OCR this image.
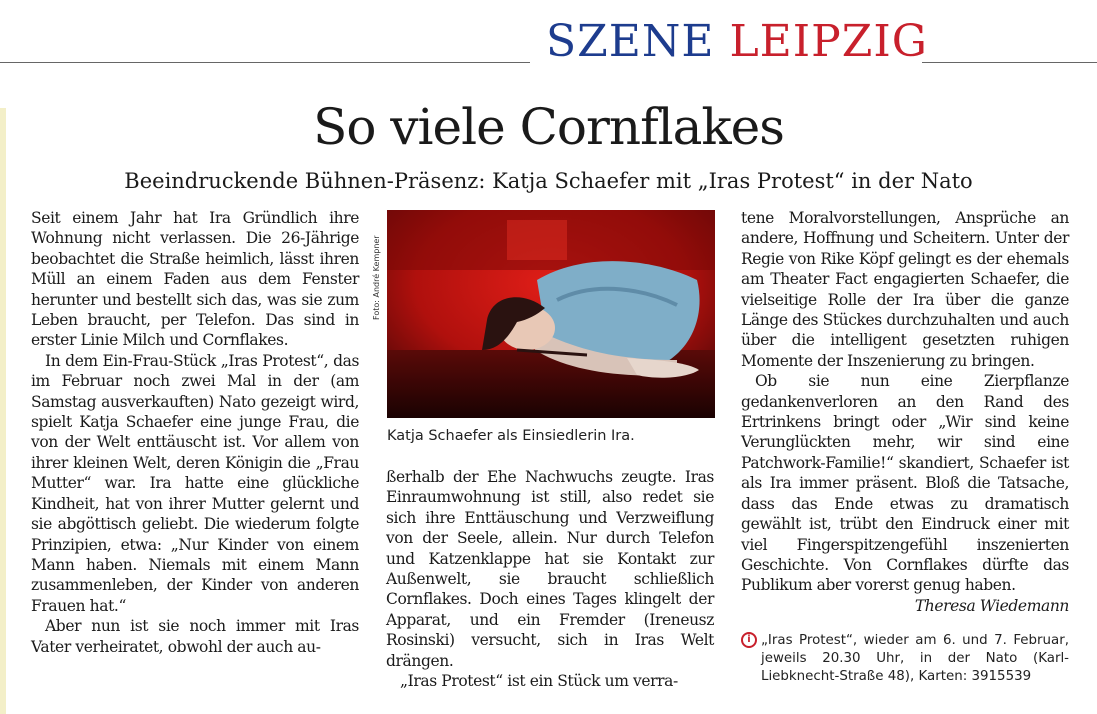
SZENE LEIPZIG
So viele Cornflakes
Beeindruckende Bühnen-Präsenz: Katja Schaefer mit „Iras Protest“ in der Nato

Seit einem Jahr hat Ira Gründlich ihre Wohnung nicht verlassen. Die 26-Jährige beobachtet die Straße heimlich, lässt ihren Müll an einem Faden aus dem Fenster herunter und bestellt sich das, was sie zum Leben braucht, per Telefon. Das sind in erster Linie Milch und Cornflakes.

In dem Ein-Frau-Stück „Iras Protest“, das im Februar noch zwei Mal in der (am Samstag ausverkauften) Nato gezeigt wird, spielt Katja Schaefer eine junge Frau, die von der Welt enttäuscht ist. Vor allem von ihrer kleinen Welt, deren Königin die „Frau Mutter“ war. Ira hatte eine glückliche Kindheit, hat von ihrer Mutter gelernt und sie abgöttisch geliebt. Die wiederum folgte Prinzipien, etwa: „Nur Kinder von einem Mann haben. Niemals mit einem Mann zusammenleben, der Kinder von anderen Frauen hat.“

Aber nun ist sie noch immer mit Iras Vater verheiratet, obwohl der auch au-

Foto: André Kempner
Katja Schaefer als Einsiedlerin Ira.

ßerhalb der Ehe Nachwuchs zeugte. Iras Einraumwohnung ist still, also redet sie sich ihre Enttäuschung und Verzweiflung von der Seele, allein. Nur durch Telefon und Katzenklappe hat sie Kontakt zur Außenwelt, sie braucht schließlich Cornflakes. Doch eines Tages klingelt der Apparat, und ein Fremder (Ireneusz Rosinski) versucht, sich in Iras Welt drängen.

„Iras Protest“ ist ein Stück um verra-

tene Moralvorstellungen, Ansprüche an andere, Hoffnung und Scheitern. Unter der Regie von Rike Köpf gelingt es der ehemals am Theater Fact engagierten Schaefer, die vielseitige Rolle der Ira über die ganze Länge des Stückes durchzuhalten und auch über die intelligent gesetzten ruhigen Momente der Inszenierung zu bringen.

Ob sie nun eine Zierpflanze gedankenverloren an den Rand des Ertrinkens bringt oder „Wir sind keine Verunglückten mehr, wir sind eine Patchwork-Familie!“ skandiert, Schaefer ist als Ira immer präsent. Bloß die Tatsache, dass das Ende etwas zu dramatisch gewählt ist, trübt den Eindruck einer mit viel Fingerspitzengefühl inszenierten Geschichte. Von Cornflakes dürfte das Publikum aber vorerst genug haben.
Theresa Wiedemann

i „Iras Protest“, wieder am 6. und 7. Februar, jeweils 20.30 Uhr, in der Nato (Karl-Liebknecht-Straße 48), Karten: 3915539
